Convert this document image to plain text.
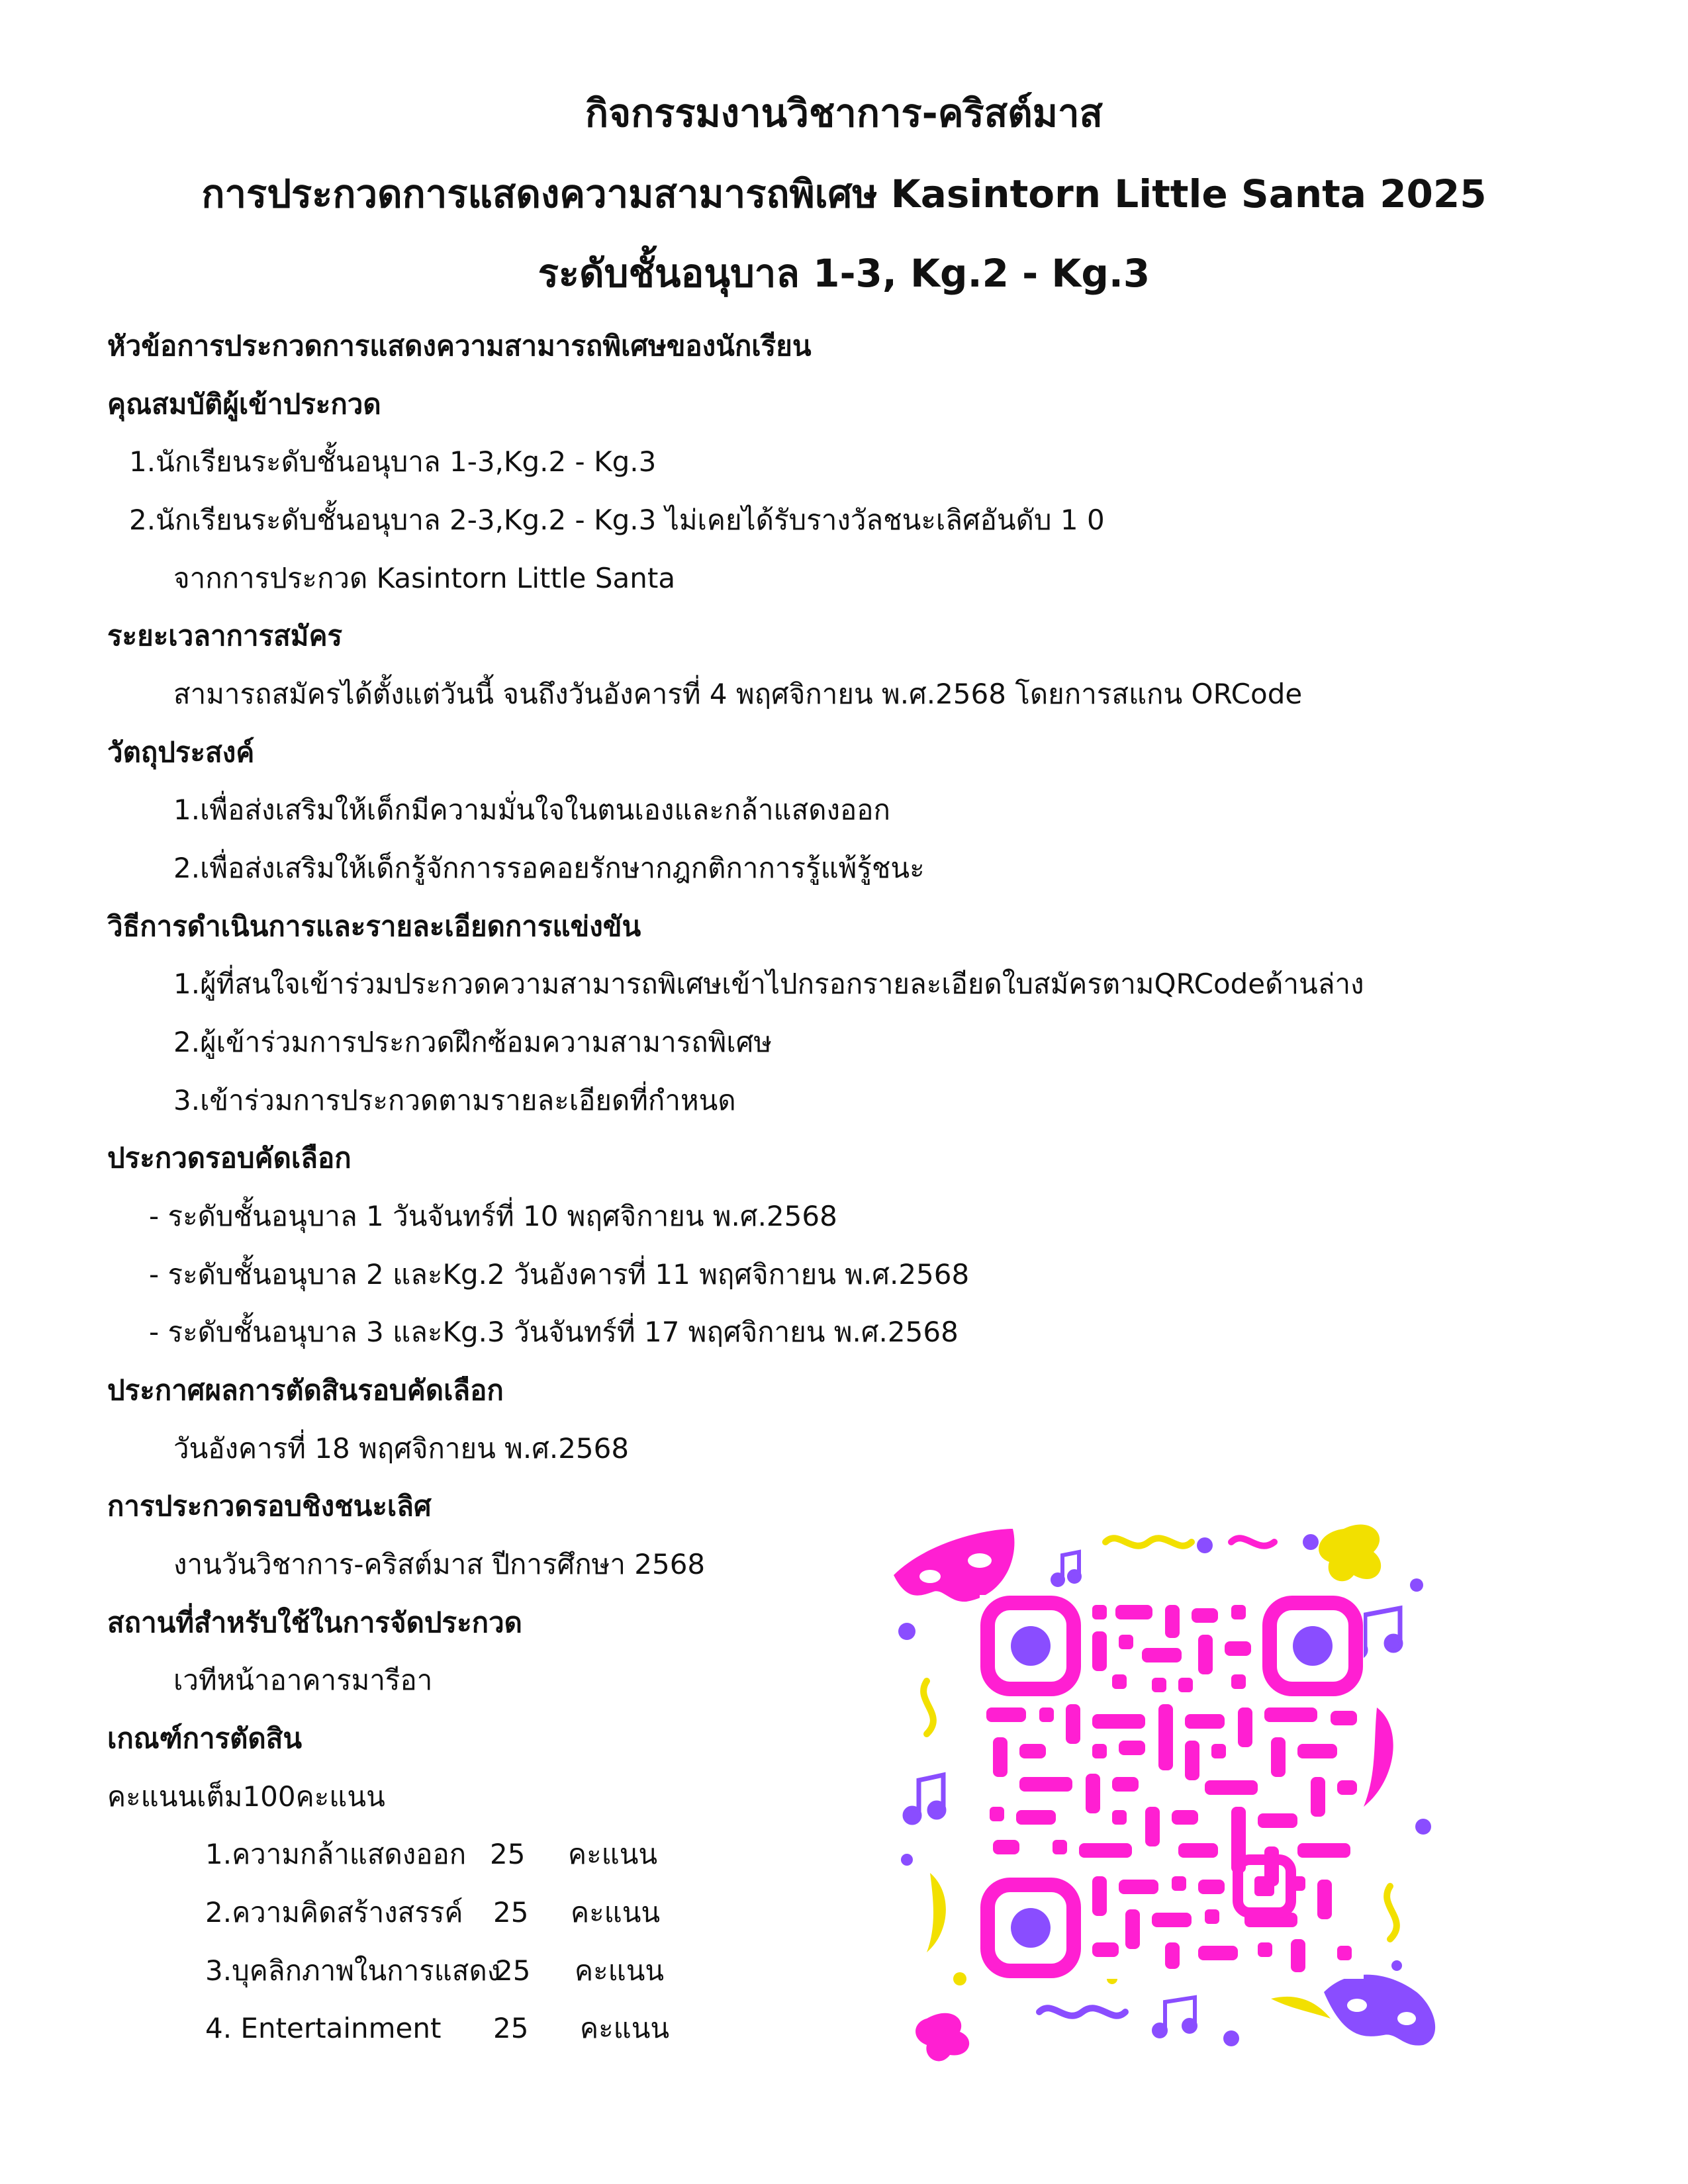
กิจกรรมงานวิชาการ-คริสต์มาส
การประกวดการแสดงความสามารถพิเศษ Kasintorn Little Santa 2025
ระดับชั้นอนุบาล 1-3, Kg.2 - Kg.3
หัวข้อการประกวดการแสดงความสามารถพิเศษของนักเรียน
คุณสมบัติผู้เข้าประกวด
1.นักเรียนระดับชั้นอนุบาล 1-3,Kg.2 - Kg.3
2.นักเรียนระดับชั้นอนุบาล 2-3,Kg.2 - Kg.3 ไม่เคยได้รับรางวัลชนะเลิศอันดับ 1 0
จากการประกวด Kasintorn Little Santa
ระยะเวลาการสมัคร
สามารถสมัครได้ตั้งแต่วันนี้ จนถึงวันอังคารที่ 4 พฤศจิกายน พ.ศ.2568 โดยการสแกน ORCode
วัตถุประสงค์
1.เพื่อส่งเสริมให้เด็กมีความมั่นใจในตนเองและกล้าแสดงออก
2.เพื่อส่งเสริมให้เด็กรู้จักการรอคอยรักษากฎกติกาการรู้แพ้รู้ชนะ
วิธีการดำเนินการและรายละเอียดการแข่งขัน
1.ผู้ที่สนใจเข้าร่วมประกวดความสามารถพิเศษเข้าไปกรอกรายละเอียดใบสมัครตามQRCodeด้านล่าง
2.ผู้เข้าร่วมการประกวดฝึกซ้อมความสามารถพิเศษ
3.เข้าร่วมการประกวดตามรายละเอียดที่กำหนด
ประกวดรอบคัดเลือก
- ระดับชั้นอนุบาล 1 วันจันทร์ที่ 10 พฤศจิกายน พ.ศ.2568
- ระดับชั้นอนุบาล 2 และKg.2 วันอังคารที่ 11 พฤศจิกายน พ.ศ.2568
- ระดับชั้นอนุบาล 3 และKg.3 วันจันทร์ที่ 17 พฤศจิกายน พ.ศ.2568
ประกาศผลการตัดสินรอบคัดเลือก
วันอังคารที่ 18 พฤศจิกายน พ.ศ.2568
การประกวดรอบชิงชนะเลิศ
งานวันวิชาการ-คริสต์มาส ปีการศึกษา 2568
สถานที่สำหรับใช้ในการจัดประกวด
เวทีหน้าอาคารมารีอา
เกณฑ์การตัดสิน
คะแนนเต็ม100คะแนน
1.ความกล้าแสดงออก 25 คะแนน
2.ความคิดสร้างสรรค์ 25 คะแนน
3.บุคลิกภาพในการแสดง
25 คะแนน
4. Entertainment 25 คะแนน
